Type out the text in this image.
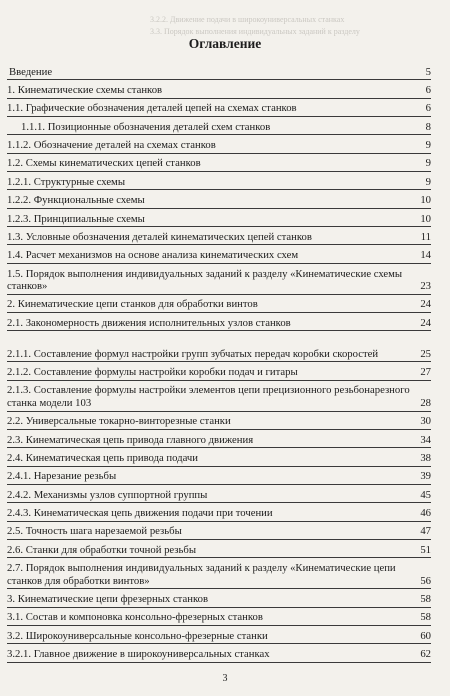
3.2.2. Движение подачи в широкоуниверсальных станках
3.3. Порядок выполнения индивидуальных заданий к разделу
Оглавление
Введение	5
1. Кинематические схемы станков	6
1.1. Графические обозначения деталей цепей на схемах станков	6
1.1.1. Позиционные обозначения деталей схем станков	8
1.1.2. Обозначение деталей на схемах станков	9
1.2. Схемы кинематических цепей станков	9
1.2.1. Структурные схемы	9
1.2.2. Функциональные схемы	10
1.2.3. Принципиальные схемы	10
1.3. Условные обозначения деталей кинематических цепей станков	11
1.4. Расчет механизмов на основе анализа кинематических схем	14
1.5. Порядок выполнения индивидуальных заданий к разделу «Кинематические схемы станков»	23
2. Кинематические цепи станков для обработки винтов	24
2.1. Закономерность движения исполнительных узлов станков	24
2.1.1. Составление формул настройки групп зубчатых передач коробки скоростей	25
2.1.2. Составление формулы настройки коробки подач и гитары	27
2.1.3. Составление формулы настройки элементов цепи прецизионного резьбонарезного станка модели 103	28
2.2. Универсальные токарно-винторезные станки	30
2.3. Кинематическая цепь привода главного движения	34
2.4. Кинематическая цепь привода подачи	38
2.4.1. Нарезание резьбы	39
2.4.2. Механизмы узлов суппортной группы	45
2.4.3. Кинематическая цепь движения подачи при точении	46
2.5. Точность шага нарезаемой резьбы	47
2.6. Станки для обработки точной резьбы	51
2.7. Порядок выполнения индивидуальных заданий к разделу «Кинематические цепи станков для обработки винтов»	56
3. Кинематические цепи фрезерных станков	58
3.1. Состав и компоновка консольно-фрезерных станков	58
3.2. Широкоуниверсальные консольно-фрезерные станки	60
3.2.1. Главное движение в широкоуниверсальных станках	62
3
